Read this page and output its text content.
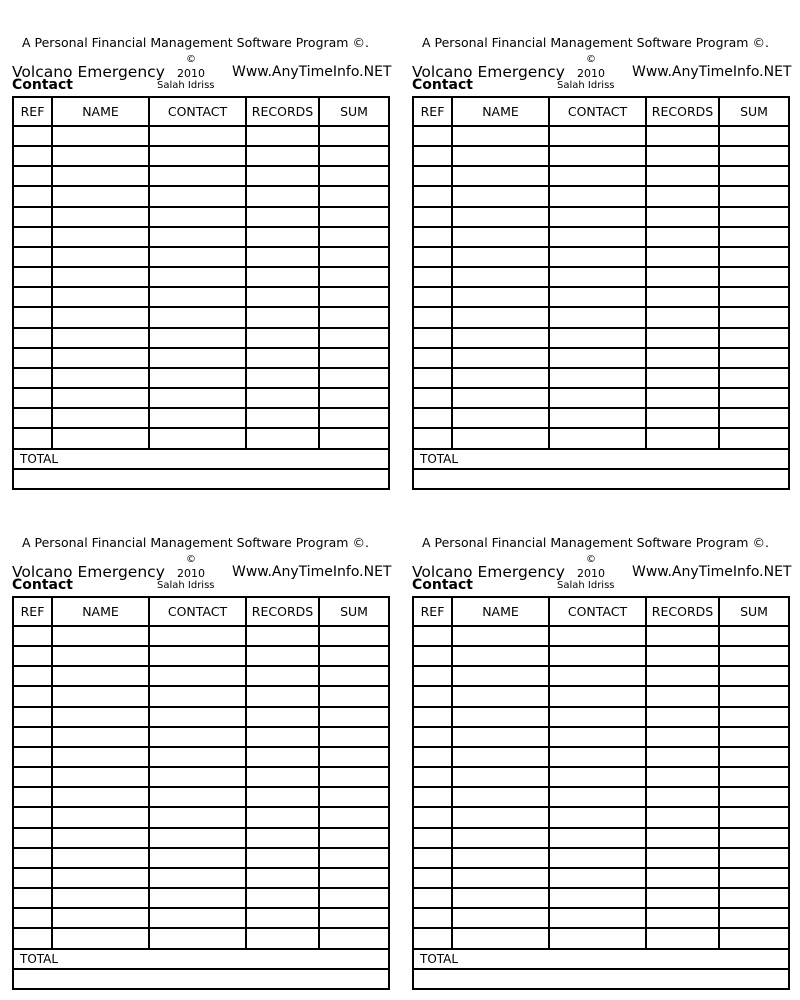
A Personal Financial Management Software Program ©.
Volcano Emergency
Contact
©
2010
Salah Idriss
Www.AnyTimeInfo.NET
REF	NAME	CONTACT	RECORDS	SUM

TOTAL				

A Personal Financial Management Software Program ©.
Volcano Emergency
Contact
©
2010
Salah Idriss
Www.AnyTimeInfo.NET
REF	NAME	CONTACT	RECORDS	SUM

TOTAL				

A Personal Financial Management Software Program ©.
Volcano Emergency
Contact
©
2010
Salah Idriss
Www.AnyTimeInfo.NET
REF	NAME	CONTACT	RECORDS	SUM

TOTAL				

A Personal Financial Management Software Program ©.
Volcano Emergency
Contact
©
2010
Salah Idriss
Www.AnyTimeInfo.NET
REF	NAME	CONTACT	RECORDS	SUM

TOTAL				
